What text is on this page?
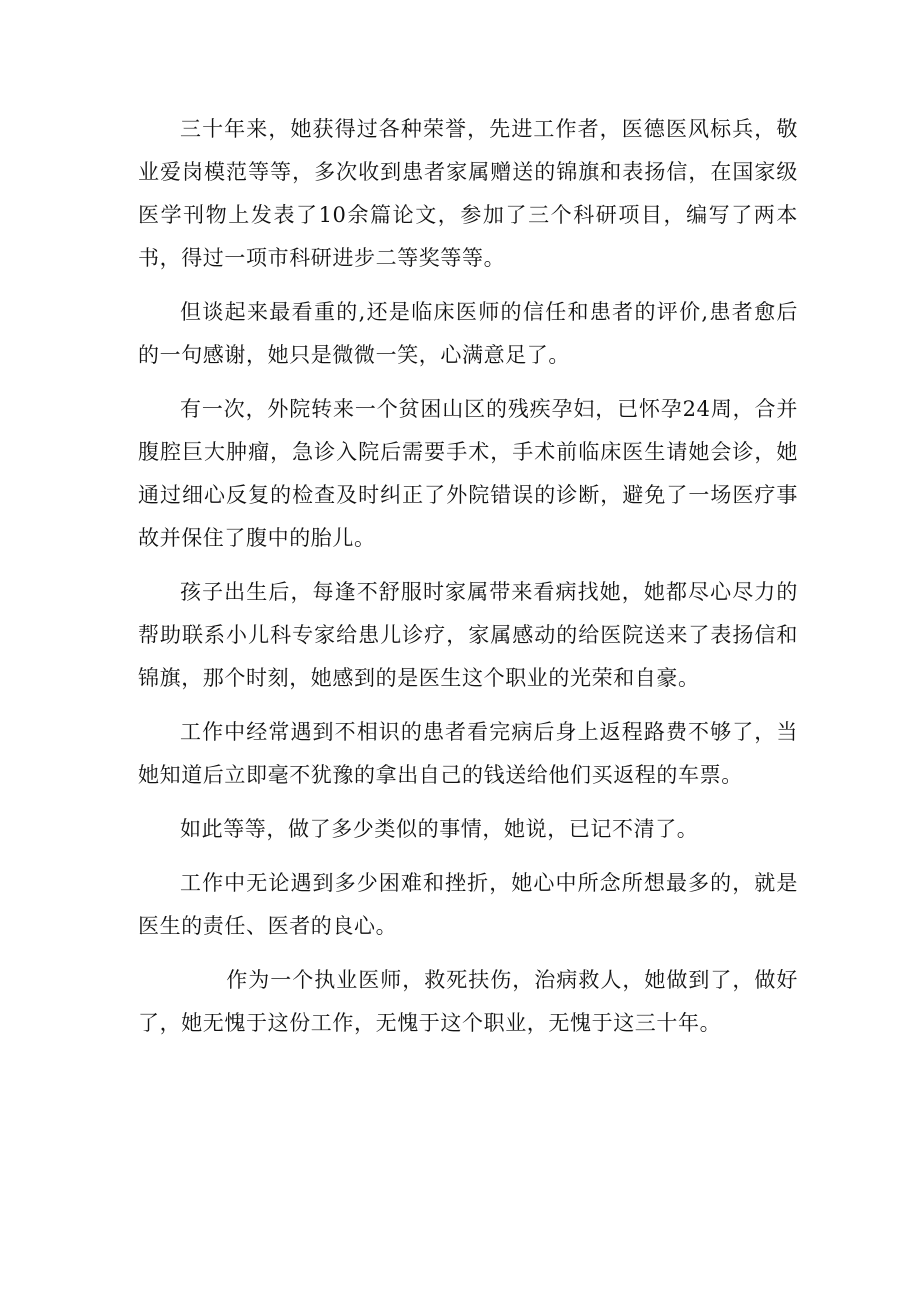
三十年来，她获得过各种荣誉，先进工作者，医德医风标兵，敬业爱岗模范等等，多次收到患者家属赠送的锦旗和表扬信，在国家级医学刊物上发表了10余篇论文，参加了三个科研项目，编写了两本书，得过一项市科研进步二等奖等等。

但谈起来最看重的,还是临床医师的信任和患者的评价,患者愈后的一句感谢，她只是微微一笑，心满意足了。

有一次，外院转来一个贫困山区的残疾孕妇，已怀孕24周，合并腹腔巨大肿瘤，急诊入院后需要手术，手术前临床医生请她会诊，她通过细心反复的检查及时纠正了外院错误的诊断，避免了一场医疗事故并保住了腹中的胎儿。

孩子出生后，每逢不舒服时家属带来看病找她，她都尽心尽力的帮助联系小儿科专家给患儿诊疗，家属感动的给医院送来了表扬信和锦旗，那个时刻，她感到的是医生这个职业的光荣和自豪。

工作中经常遇到不相识的患者看完病后身上返程路费不够了，当她知道后立即毫不犹豫的拿出自己的钱送给他们买返程的车票。

如此等等，做了多少类似的事情，她说，已记不清了。

工作中无论遇到多少困难和挫折，她心中所念所想最多的，就是医生的责任、医者的良心。

作为一个执业医师，救死扶伤，治病救人，她做到了，做好了，她无愧于这份工作，无愧于这个职业，无愧于这三十年。
